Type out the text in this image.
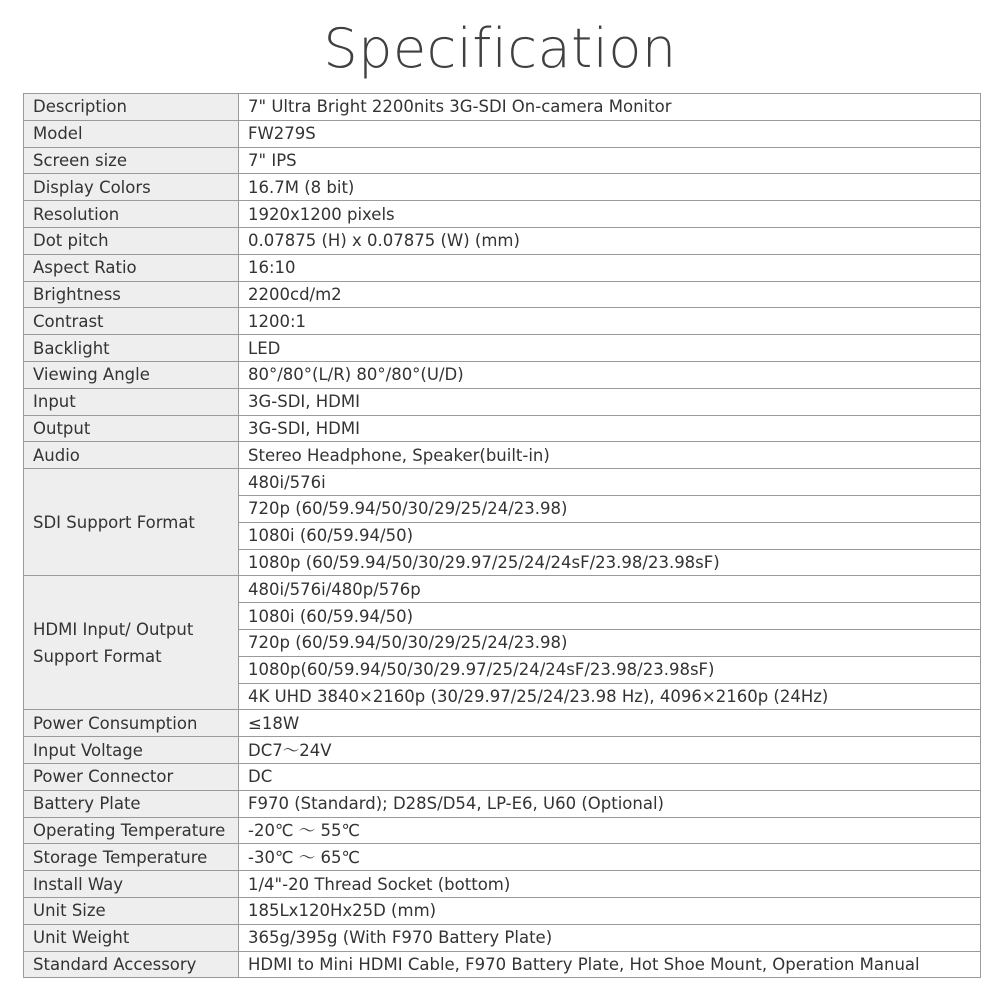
Specification
Description	7" Ultra Bright 2200nits 3G-SDI On-camera Monitor
Model	FW279S
Screen size	7" IPS
Display Colors	16.7M (8 bit)
Resolution	1920x1200 pixels
Dot pitch	0.07875 (H) x 0.07875 (W) (mm)
Aspect Ratio	16:10
Brightness	2200cd/m2
Contrast	1200:1
Backlight	LED
Viewing Angle	80°/80°(L/R) 80°/80°(U/D)
Input	3G-SDI, HDMI
Output	3G-SDI, HDMI
Audio	Stereo Headphone, Speaker(built-in)
SDI Support Format	480i/576i
	720p (60/59.94/50/30/29/25/24/23.98)
	1080i (60/59.94/50)
	1080p (60/59.94/50/30/29.97/25/24/24sF/23.98/23.98sF)
HDMI Input/ Output Support Format	480i/576i/480p/576p
	1080i (60/59.94/50)
	720p (60/59.94/50/30/29/25/24/23.98)
	1080p(60/59.94/50/30/29.97/25/24/24sF/23.98/23.98sF)
	4K UHD 3840×2160p (30/29.97/25/24/23.98 Hz), 4096×2160p (24Hz)
Power Consumption	≤18W
Input Voltage	DC7～24V
Power Connector	DC
Battery Plate	F970 (Standard); D28S/D54, LP-E6, U60 (Optional)
Operating Temperature	-20℃ ～ 55℃
Storage Temperature	-30℃ ～ 65℃
Install Way	1/4"-20 Thread Socket (bottom)
Unit Size	185Lx120Hx25D (mm)
Unit Weight	365g/395g (With F970 Battery Plate)
Standard Accessory	HDMI to Mini HDMI Cable, F970 Battery Plate, Hot Shoe Mount, Operation Manual
